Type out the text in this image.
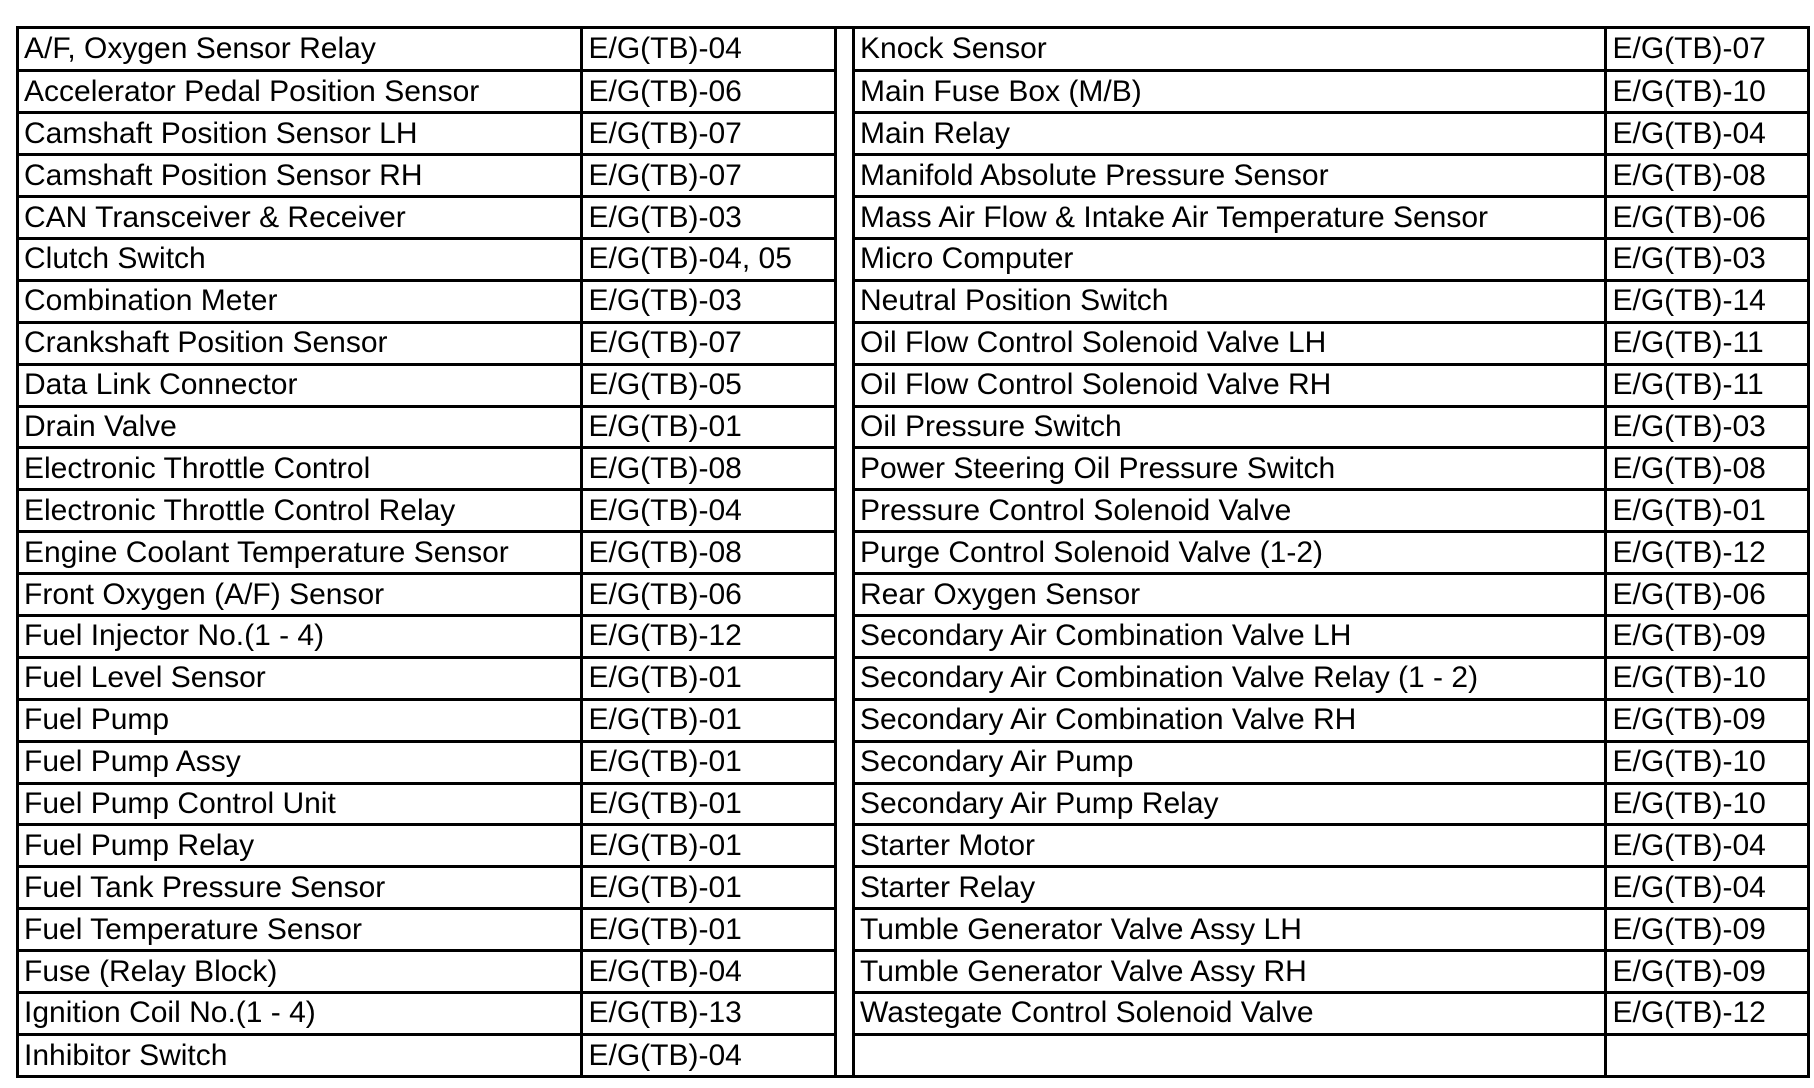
A/F, Oxygen Sensor Relay	E/G(TB)-04
Accelerator Pedal Position Sensor	E/G(TB)-06
Camshaft Position Sensor LH	E/G(TB)-07
Camshaft Position Sensor RH	E/G(TB)-07
CAN Transceiver & Receiver	E/G(TB)-03
Clutch Switch	E/G(TB)-04, 05
Combination Meter	E/G(TB)-03
Crankshaft Position Sensor	E/G(TB)-07
Data Link Connector	E/G(TB)-05
Drain Valve	E/G(TB)-01
Electronic Throttle Control	E/G(TB)-08
Electronic Throttle Control Relay	E/G(TB)-04
Engine Coolant Temperature Sensor	E/G(TB)-08
Front Oxygen (A/F) Sensor	E/G(TB)-06
Fuel Injector No.(1 - 4)	E/G(TB)-12
Fuel Level Sensor	E/G(TB)-01
Fuel Pump	E/G(TB)-01
Fuel Pump Assy	E/G(TB)-01
Fuel Pump Control Unit	E/G(TB)-01
Fuel Pump Relay	E/G(TB)-01
Fuel Tank Pressure Sensor	E/G(TB)-01
Fuel Temperature Sensor	E/G(TB)-01
Fuse (Relay Block)	E/G(TB)-04
Ignition Coil No.(1 - 4)	E/G(TB)-13
Inhibitor Switch	E/G(TB)-04
Knock Sensor	E/G(TB)-07
Main Fuse Box (M/B)	E/G(TB)-10
Main Relay	E/G(TB)-04
Manifold Absolute Pressure Sensor	E/G(TB)-08
Mass Air Flow & Intake Air Temperature Sensor	E/G(TB)-06
Micro Computer	E/G(TB)-03
Neutral Position Switch	E/G(TB)-14
Oil Flow Control Solenoid Valve LH	E/G(TB)-11
Oil Flow Control Solenoid Valve RH	E/G(TB)-11
Oil Pressure Switch	E/G(TB)-03
Power Steering Oil Pressure Switch	E/G(TB)-08
Pressure Control Solenoid Valve	E/G(TB)-01
Purge Control Solenoid Valve (1-2)	E/G(TB)-12
Rear Oxygen Sensor	E/G(TB)-06
Secondary Air Combination Valve LH	E/G(TB)-09
Secondary Air Combination Valve Relay (1 - 2)	E/G(TB)-10
Secondary Air Combination Valve RH	E/G(TB)-09
Secondary Air Pump	E/G(TB)-10
Secondary Air Pump Relay	E/G(TB)-10
Starter Motor	E/G(TB)-04
Starter Relay	E/G(TB)-04
Tumble Generator Valve Assy LH	E/G(TB)-09
Tumble Generator Valve Assy RH	E/G(TB)-09
Wastegate Control Solenoid Valve	E/G(TB)-12
